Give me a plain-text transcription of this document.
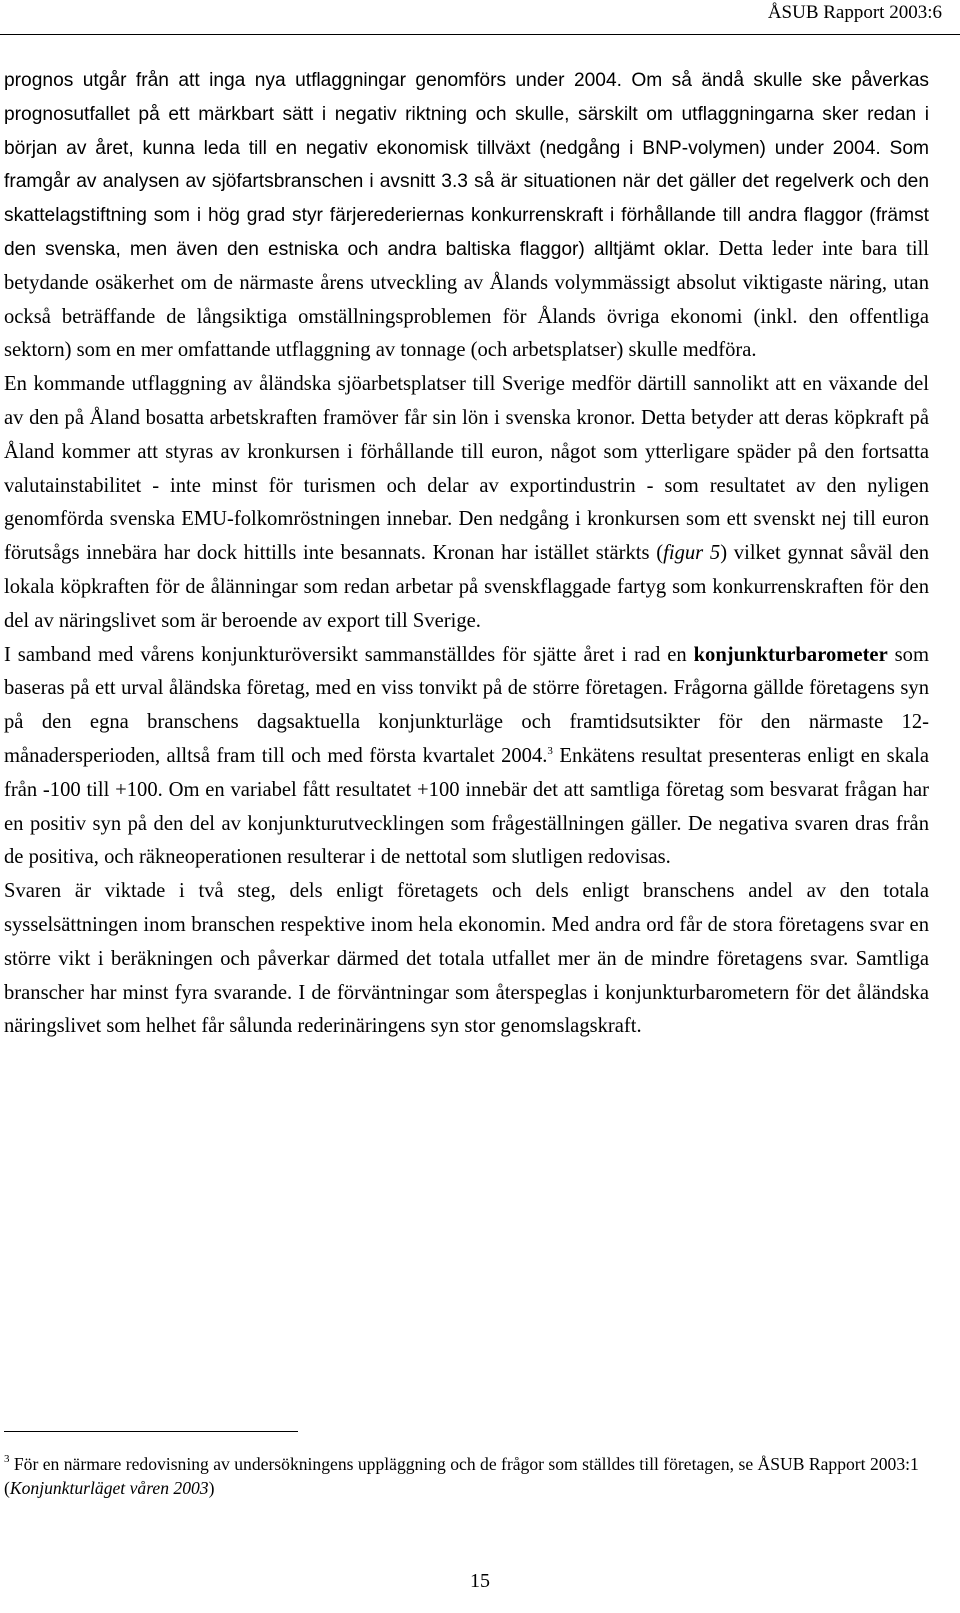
ÅSUB Rapport 2003:6

prognos utgår från att inga nya utflaggningar genomförs under 2004. Om så ändå skulle ske påverkas prognosutfallet på ett märkbart sätt i negativ riktning och skulle, särskilt om utflaggningarna sker redan i början av året, kunna leda till en negativ ekonomisk tillväxt (nedgång i BNP-volymen) under 2004. Som framgår av analysen av sjöfartsbranschen i avsnitt 3.3 så är situationen när det gäller det regelverk och den skattelagstiftning som i hög grad styr färjerederiernas konkurrenskraft i förhållande till andra flaggor (främst den svenska, men även den estniska och andra baltiska flaggor) alltjämt oklar. Detta leder inte bara till betydande osäkerhet om de närmaste årens utveckling av Ålands volymmässigt absolut viktigaste näring, utan också beträffande de långsiktiga omställningsproblemen för Ålands övriga ekonomi (inkl. den offentliga sektorn) som en mer omfattande utflaggning av tonnage (och arbetsplatser) skulle medföra.

En kommande utflaggning av åländska sjöarbetsplatser till Sverige medför därtill sannolikt att en växande del av den på Åland bosatta arbetskraften framöver får sin lön i svenska kronor. Detta betyder att deras köpkraft på Åland kommer att styras av kronkursen i förhållande till euron, något som ytterligare späder på den fortsatta valutainstabilitet - inte minst för turismen och delar av exportindustrin - som resultatet av den nyligen genomförda svenska EMU-folkomröstningen innebar. Den nedgång i kronkursen som ett svenskt nej till euron förutsågs innebära har dock hittills inte besannats. Kronan har istället stärkts (figur 5) vilket gynnat såväl den lokala köpkraften för de ålänningar som redan arbetar på svenskflaggade fartyg som konkurrenskraften för den del av näringslivet som är beroende av export till Sverige.

I samband med vårens konjunkturöversikt sammanställdes för sjätte året i rad en konjunkturbarometer som baseras på ett urval åländska företag, med en viss tonvikt på de större företagen. Frågorna gällde företagens syn på den egna branschens dagsaktuella konjunkturläge och framtidsutsikter för den närmaste 12-månadersperioden, alltså fram till och med första kvartalet 2004.$^3$ Enkätens resultat presenteras enligt en skala från -100 till +100. Om en variabel fått resultatet +100 innebär det att samtliga företag som besvarat frågan har en positiv syn på den del av konjunkturutvecklingen som frågeställningen gäller. De negativa svaren dras från de positiva, och räkneoperationen resulterar i de nettotal som slutligen redovisas.

Svaren är viktade i två steg, dels enligt företagets och dels enligt branschens andel av den totala sysselsättningen inom branschen respektive inom hela ekonomin. Med andra ord får de stora företagens svar en större vikt i beräkningen och påverkar därmed det totala utfallet mer än de mindre företagens svar. Samtliga branscher har minst fyra svarande. I de förväntningar som återspeglas i konjunkturbarometern för det åländska näringslivet som helhet får sålunda rederinäringens syn stor genomslagskraft.

$^3$ För en närmare redovisning av undersökningens uppläggning och de frågor som ställdes till företagen, se ÅSUB Rapport 2003:1 (Konjunkturläget våren 2003)
15
